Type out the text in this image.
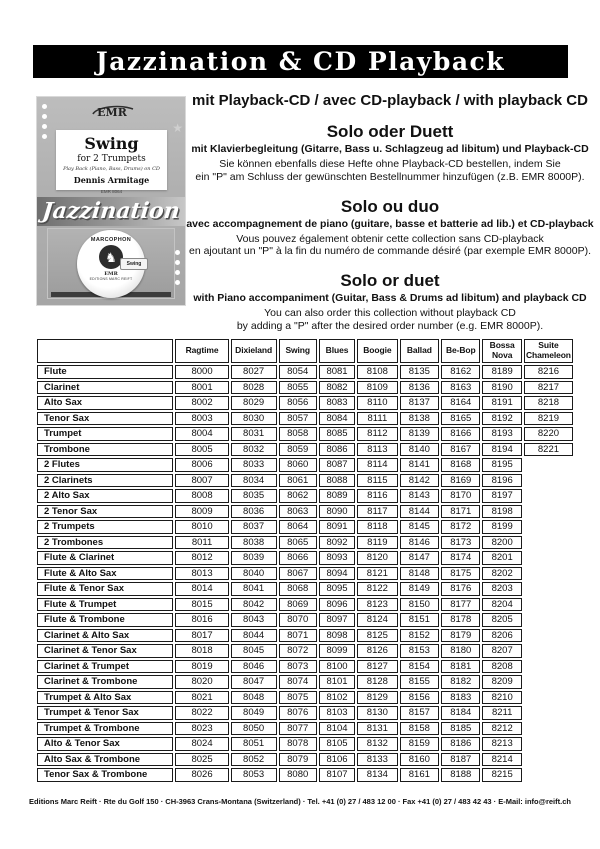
Jazzination & CD Playback
EMR
Swing
for 2 Trumpets
Play Back (Piano, Bass, Drums) on CD
Dennis Armitage
EMR 8064
Jazzination
★
MARCOPHON
♞	Swing
EMR
EDITIONS MARC REIFT

mit Playback-CD / avec CD-playback / with playback CD

Solo oder Duett

mit Klavierbegleitung (Gitarre, Bass u. Schlagzeug ad libitum) und Playback-CD

Sie können ebenfalls diese Hefte ohne Playback-CD bestellen, indem Sie

ein "P" am Schluss der gewünschten Bestellnummer hinzufügen (z.B. EMR 8000P).

Solo ou duo

avec accompagnement de piano (guitare, basse et batterie ad lib.) et CD-playback

Vous pouvez également obtenir cette collection sans CD-playback

en ajoutant un "P" à la fin du numéro de commande désiré (par exemple EMR 8000P).

Solo or duet

with Piano accompaniment (Guitar, Bass & Drums ad libitum) and playback CD

You can also order this collection without playback CD

by adding a "P" after the desired order number (e.g. EMR 8000P).

	Ragtime	Dixieland	Swing	Blues	Boogie	Ballad	Be-Bop	Bossa Nova	Suite Chameleon
Flute	8000	8027	8054	8081	8108	8135	8162	8189	8216
Clarinet	8001	8028	8055	8082	8109	8136	8163	8190	8217
Alto Sax	8002	8029	8056	8083	8110	8137	8164	8191	8218
Tenor Sax	8003	8030	8057	8084	8111	8138	8165	8192	8219
Trumpet	8004	8031	8058	8085	8112	8139	8166	8193	8220
Trombone	8005	8032	8059	8086	8113	8140	8167	8194	8221
2 Flutes	8006	8033	8060	8087	8114	8141	8168	8195	
2 Clarinets	8007	8034	8061	8088	8115	8142	8169	8196	
2 Alto Sax	8008	8035	8062	8089	8116	8143	8170	8197	
2 Tenor Sax	8009	8036	8063	8090	8117	8144	8171	8198	
2 Trumpets	8010	8037	8064	8091	8118	8145	8172	8199	
2 Trombones	8011	8038	8065	8092	8119	8146	8173	8200	
Flute & Clarinet	8012	8039	8066	8093	8120	8147	8174	8201	
Flute & Alto Sax	8013	8040	8067	8094	8121	8148	8175	8202	
Flute & Tenor Sax	8014	8041	8068	8095	8122	8149	8176	8203	
Flute & Trumpet	8015	8042	8069	8096	8123	8150	8177	8204	
Flute & Trombone	8016	8043	8070	8097	8124	8151	8178	8205	
Clarinet & Alto Sax	8017	8044	8071	8098	8125	8152	8179	8206	
Clarinet & Tenor Sax	8018	8045	8072	8099	8126	8153	8180	8207	
Clarinet & Trumpet	8019	8046	8073	8100	8127	8154	8181	8208	
Clarinet & Trombone	8020	8047	8074	8101	8128	8155	8182	8209	
Trumpet & Alto Sax	8021	8048	8075	8102	8129	8156	8183	8210	
Trumpet & Tenor Sax	8022	8049	8076	8103	8130	8157	8184	8211	
Trumpet & Trombone	8023	8050	8077	8104	8131	8158	8185	8212	
Alto & Tenor Sax	8024	8051	8078	8105	8132	8159	8186	8213	
Alto Sax & Trombone	8025	8052	8079	8106	8133	8160	8187	8214	
Tenor Sax & Trombone	8026	8053	8080	8107	8134	8161	8188	8215	
Editions Marc Reift · Rte du Golf 150 · CH-3963 Crans-Montana (Switzerland) · Tel. +41 (0) 27 / 483 12 00 · Fax +41 (0) 27 / 483 42 43 · E-Mail: info@reift.ch
